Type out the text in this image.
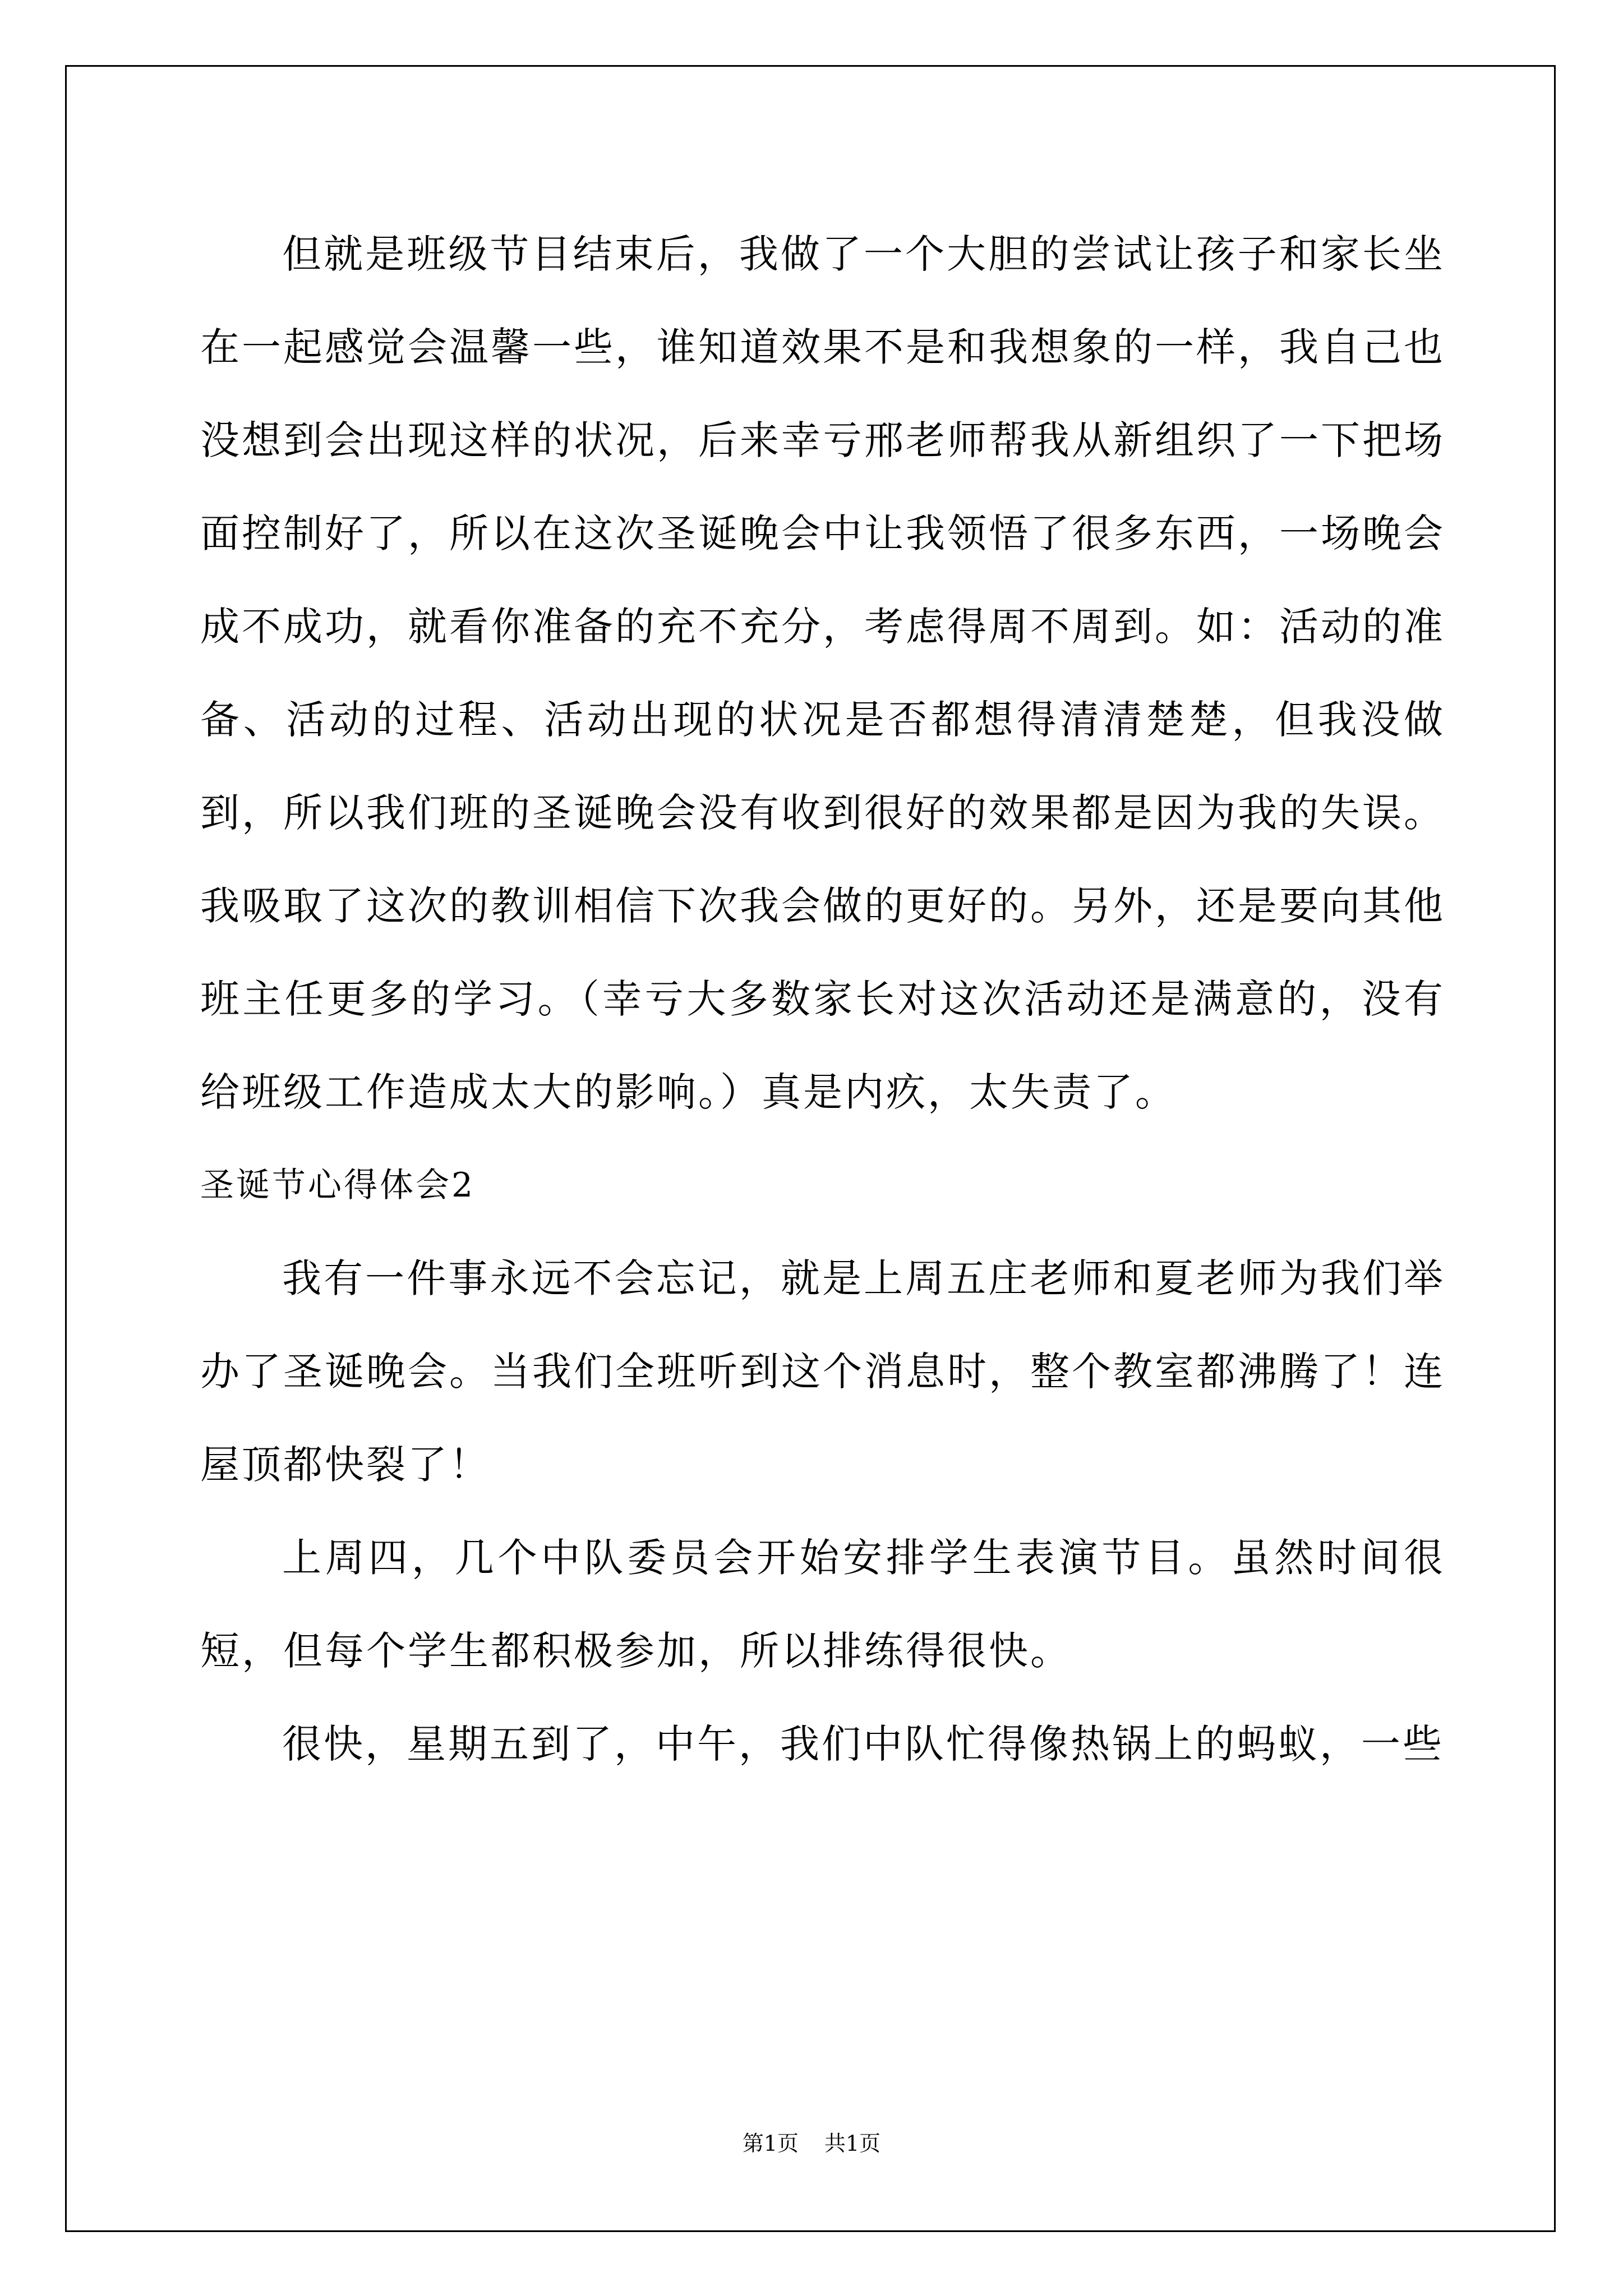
但就是班级节目结束后，我做了一个大胆的尝试让孩子和家长坐在一起感觉会温馨一些，谁知道效果不是和我想象的一样，我自己也没想到会出现这样的状况，后来幸亏邢老师帮我从新组织了一下把场面控制好了，所以在这次圣诞晚会中让我领悟了很多东西，一场晚会成不成功，就看你准备的充不充分，考虑得周不周到。如：活动的准备、活动的过程、活动出现的状况是否都想得清清楚楚，但我没做到，所以我们班的圣诞晚会没有收到很好的效果都是因为我的失误。我吸取了这次的教训相信下次我会做的更好的。另外，还是要向其他班主任更多的学习。（幸亏大多数家长对这次活动还是满意的，没有给班级工作造成太大的影响。）真是内疚，太失责了。

圣诞节心得体会2

我有一件事永远不会忘记，就是上周五庄老师和夏老师为我们举办了圣诞晚会。当我们全班听到这个消息时，整个教室都沸腾了！连屋顶都快裂了！

上周四，几个中队委员会开始安排学生表演节目。虽然时间很短，但每个学生都积极参加，所以排练得很快。

很快，星期五到了，中午，我们中队忙得像热锅上的蚂蚁，一些

第1页 共1页
